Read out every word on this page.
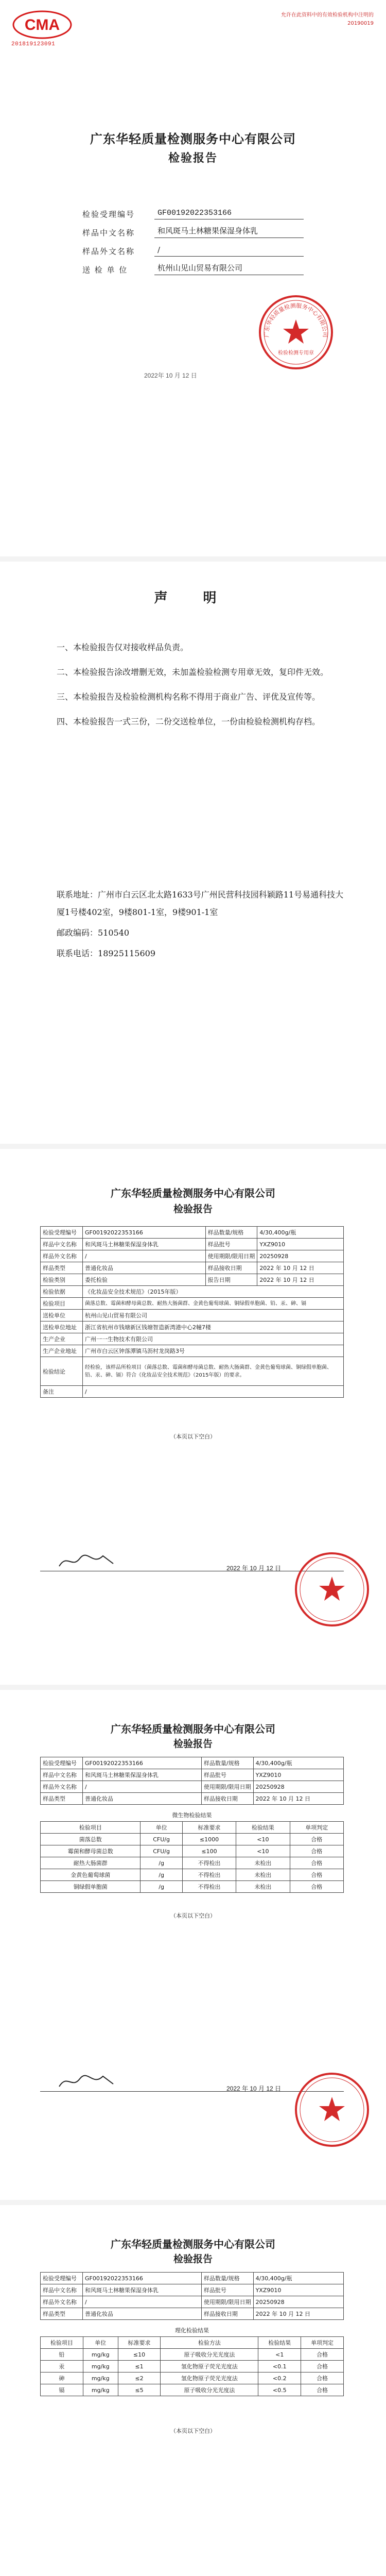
CMA
201819123091
允许在此资料中的有效检验机构中注明的
20190019
广东华轻质量检测服务中心有限公司
检验报告
检验受理编号	GF00192022353166
样品中文名称	和风斑马土林糖果保湿身体乳
样品外文名称	/
送 检 单 位	杭州山见山贸易有限公司
广东华轻质量检测服务中心有限公司
检验检测专用章
2022年 10 月 12 日
声 明
一、本检验报告仅对接收样品负责。
二、本检验报告涂改增删无效，未加盖检验检测专用章无效，复印件无效。
三、本检验报告及检验检测机构名称不得用于商业广告、评优及宣传等。
四、本检验报告一式三份，二份交送检单位，一份由检验检测机构存档。
联系地址：广州市白云区北太路1633号广州民营科技园科颖路11号易通科技大厦1号楼402室，9楼801-1室，9楼901-1室
邮政编码：510540
联系电话：18925115609
广东华轻质量检测服务中心有限公司
检验报告
检验受理编号	GF00192022353166	样品数量/规格	4/30,400g/瓶
样品中文名称	和风斑马土林糖果保湿身体乳	样品批号	YXZ9010
样品外文名称	/	使用期限/限用日期	20250928
样品类型	普通化妆品	样品接收日期	2022 年 10 月 12 日
检验类别	委托检验	报告日期	2022 年 10 月 12 日
检验依据	《化妆品安全技术规范》（2015年版）		
检验项目	菌落总数、霉菌和酵母菌总数、耐热大肠菌群、金黄色葡萄球菌、铜绿假单胞菌、铅、汞、砷、镉		
送检单位	杭州山见山贸易有限公司		
送检单位地址	浙江省杭州市钱塘新区钱塘智造新湾港中心2幢7楼		
生产企业	广州一一生物技术有限公司		
生产企业地址	广州市白云区钟落潭镇马沥村龙岗路3号		
检验结论	经检验，该样品所检项目（菌落总数、霉菌和酵母菌总数、耐热大肠菌群、金黄色葡萄球菌、铜绿假单胞菌、铅、汞、砷、镉）符合《化妆品安全技术规范》（2015年版）的要求。		
备注	/		
（本页以下空白）
2022 年 10 月 12 日
广东华轻质量检测服务中心有限公司
检验报告
检验受理编号	GF00192022353166	样品数量/规格	4/30,400g/瓶
样品中文名称	和风斑马土林糖果保湿身体乳	样品批号	YXZ9010
样品外文名称	/	使用期限/限用日期	20250928
样品类型	普通化妆品	样品接收日期	2022 年 10 月 12 日
微生物检验结果
检验项目	单位	标准要求	检验结果	单项判定
菌落总数	CFU/g	≤1000	<10	合格
霉菌和酵母菌总数	CFU/g	≤100	<10	合格
耐热大肠菌群	/g	不得检出	未检出	合格
金黄色葡萄球菌	/g	不得检出	未检出	合格
铜绿假单胞菌	/g	不得检出	未检出	合格
（本页以下空白）
2022 年 10 月 12 日
广东华轻质量检测服务中心有限公司
检验报告
检验受理编号	GF00192022353166	样品数量/规格	4/30,400g/瓶
样品中文名称	和风斑马土林糖果保湿身体乳	样品批号	YXZ9010
样品外文名称	/	使用期限/限用日期	20250928
样品类型	普通化妆品	样品接收日期	2022 年 10 月 12 日
理化检验结果
检验项目	单位	标准要求	检验方法	检验结果	单项判定
铅	mg/kg	≤10	原子吸收分光光度法	<1	合格
汞	mg/kg	≤1	氢化物原子荧光光度法	<0.1	合格
砷	mg/kg	≤2	氢化物原子荧光光度法	<0.2	合格
镉	mg/kg	≤5	原子吸收分光光度法	<0.5	合格
（本页以下空白）
